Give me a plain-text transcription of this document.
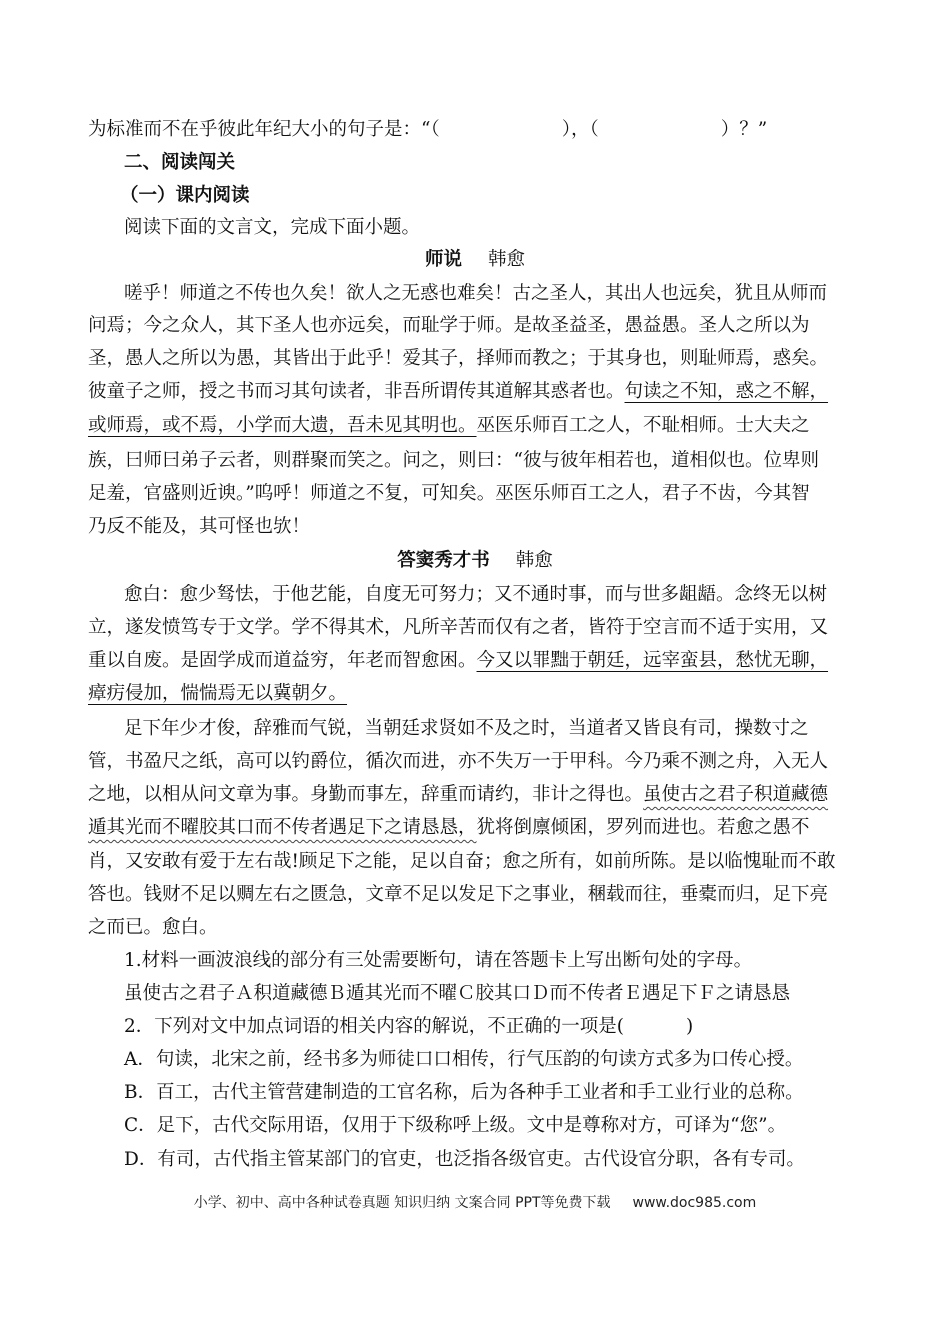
为标准而不在乎彼此年纪大小的句子是：“（	），（	）？”
二、阅读闯关
（一）课内阅读
阅读下面的文言文，完成下面小题。
师说 韩愈
嗟乎！师道之不传也久矣！欲人之无惑也难矣！古之圣人，其出人也远矣，犹且从师而
问焉；今之众人，其下圣人也亦远矣，而耻学于师。是故圣益圣，愚益愚。圣人之所以为
圣，愚人之所以为愚，其皆出于此乎！爱其子，择师而教之；于其身也，则耻师焉，惑矣。
彼童子之师，授之书而习其句读者，非吾所谓传其道解其惑者也。句读之不知，惑之不解，
或师焉，或不焉，小学而大遗，吾未见其明也。巫医乐师百工之人，不耻相师。士大夫之
族，曰师曰弟子云者，则群聚而笑之。问之，则曰：“彼与彼年相若也，道相似也。位卑则
足羞，官盛则近谀。”呜呼！师道之不复，可知矣。巫医乐师百工之人，君子不齿，今其智
乃反不能及，其可怪也欤！
答窦秀才书 韩愈
愈白：愈少驽怯，于他艺能，自度无可努力；又不通时事，而与世多龃龉。念终无以树
立，遂发愤笃专于文学。学不得其术，凡所辛苦而仅有之者，皆符于空言而不适于实用，又
重以自废。是固学成而道益穷，年老而智愈困。今又以罪黜于朝廷，远宰蛮县，愁忧无聊，
瘴疠侵加，惴惴焉无以冀朝夕。
足下年少才俊，辞雅而气锐，当朝廷求贤如不及之时，当道者又皆良有司，操数寸之
管，书盈尺之纸，高可以钓爵位，循次而进，亦不失万一于甲科。今乃乘不测之舟，入无人
之地，以相从问文章为事。身勤而事左，辞重而请约，非计之得也。虽使古之君子积道藏德
遁其光而不曜胶其口而不传者遇足下之请恳恳，犹将倒廪倾囷，罗列而进也。若愈之愚不
肖，又安敢有爱于左右哉!顾足下之能，足以自奋；愈之所有，如前所陈。是以临愧耻而不敢
答也。钱财不足以赒左右之匮急，文章不足以发足下之事业，稛载而往，垂橐而归，足下亮
之而已。愈白。
1.材料一画波浪线的部分有三处需要断句，请在答题卡上写出断句处的字母。
虽使古之君子Ａ积道藏德Ｂ遁其光而不曜Ｃ胶其口Ｄ而不传者Ｅ遇足下Ｆ之请恳恳
2．下列对文中加点词语的相关内容的解说，不正确的一项是(	)
A．句读，北宋之前，经书多为师徒口口相传，行气压韵的句读方式多为口传心授。
B．百工，古代主管营建制造的工官名称，后为各种手工业者和手工业行业的总称。
C．足下，古代交际用语，仅用于下级称呼上级。文中是尊称对方，可译为“您”。
D．有司，古代指主管某部门的官吏，也泛指各级官吏。古代设官分职，各有专司。
小学、初中、高中各种试卷真题 知识归纳 文案合同 PPT等免费下载 www.doc985.com
